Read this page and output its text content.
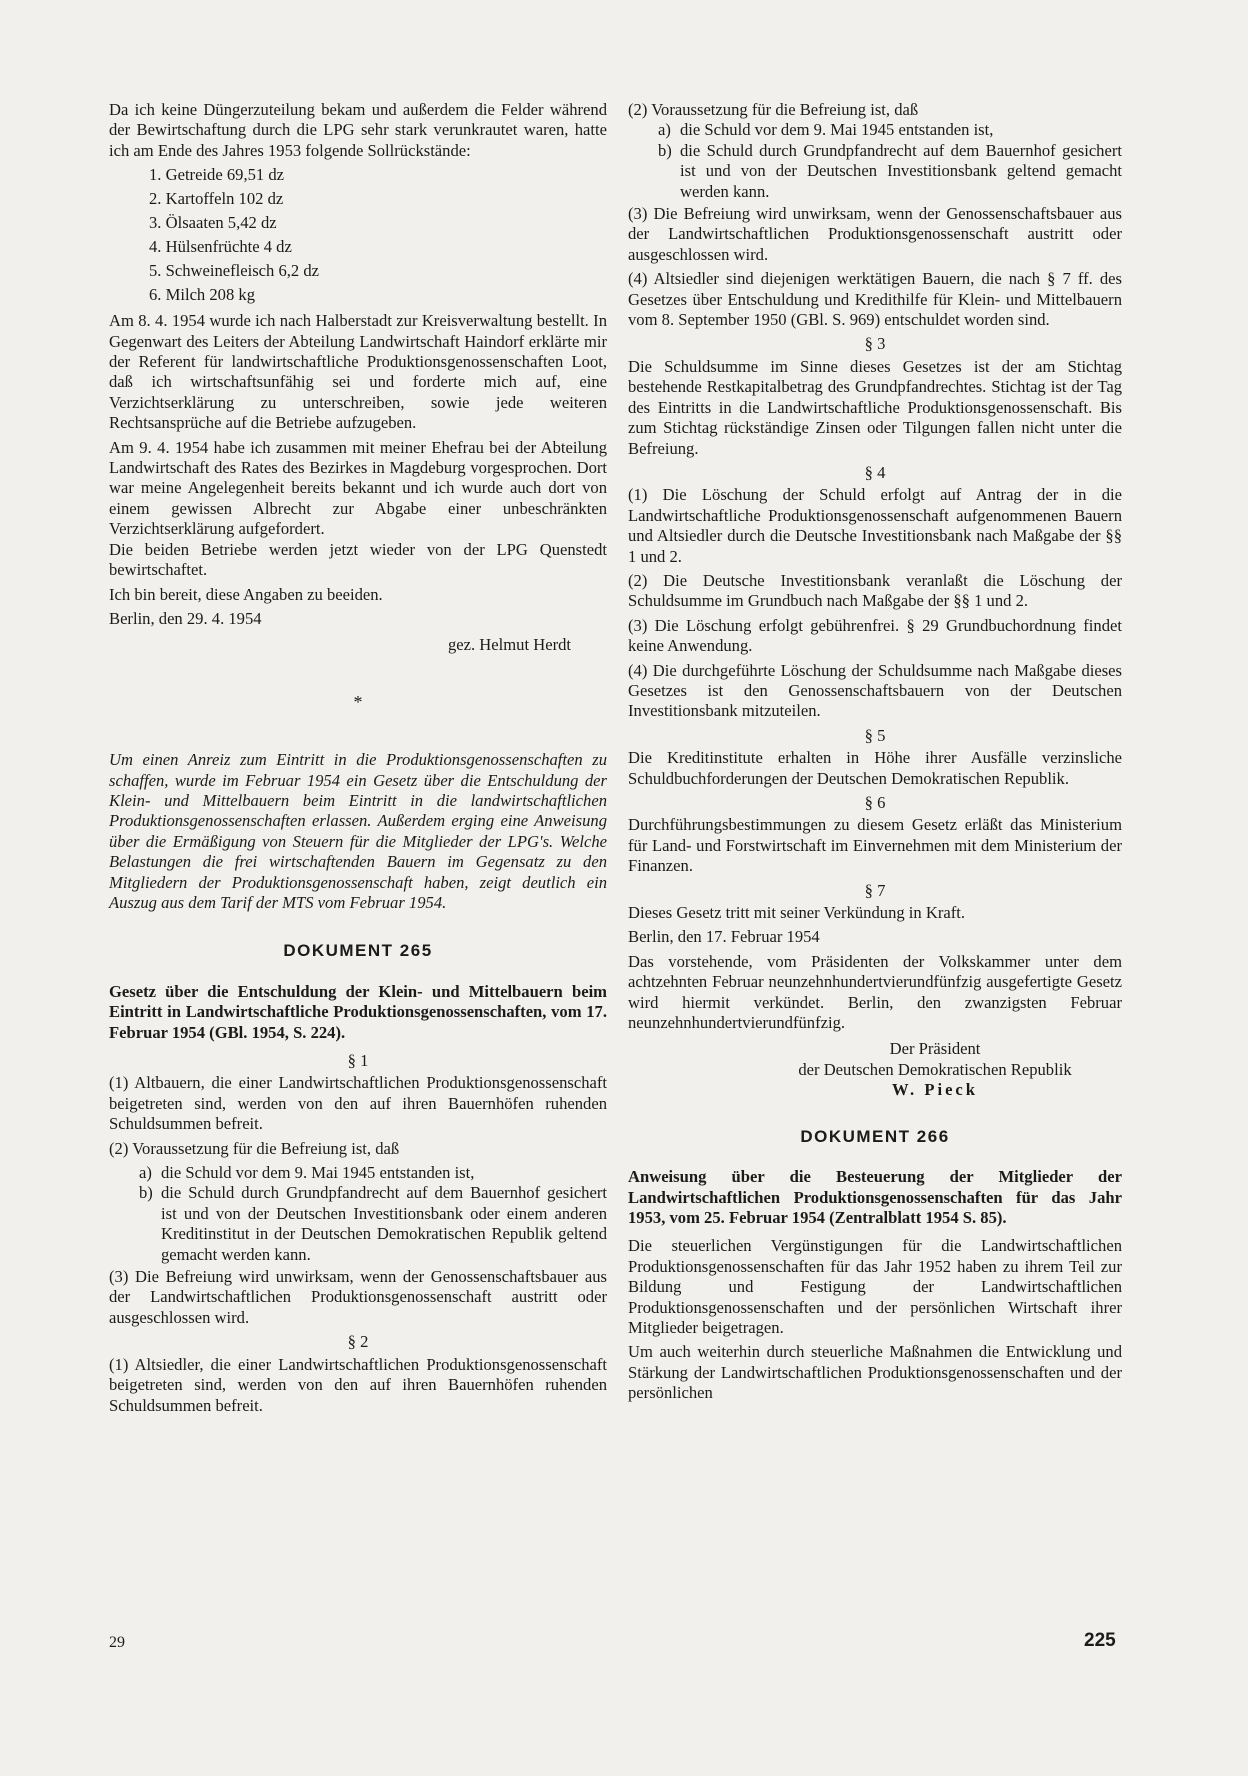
Da ich keine Düngerzuteilung bekam und außerdem die Felder während der Bewirtschaftung durch die LPG sehr stark verunkrautet waren, hatte ich am Ende des Jahres 1953 folgende Sollrückstände:

1. Getreide 69,51 dz
2. Kartoffeln 102 dz
3. Ölsaaten 5,42 dz
4. Hülsenfrüchte 4 dz
5. Schweinefleisch 6,2 dz
6. Milch 208 kg

Am 8. 4. 1954 wurde ich nach Halberstadt zur Kreisverwaltung bestellt. In Gegenwart des Leiters der Abteilung Landwirtschaft Haindorf erklärte mir der Referent für landwirtschaftliche Produktionsgenossenschaften Loot, daß ich wirtschaftsunfähig sei und forderte mich auf, eine Verzichtserklärung zu unterschreiben, sowie jede weiteren Rechtsansprüche auf die Betriebe aufzugeben.

Am 9. 4. 1954 habe ich zusammen mit meiner Ehefrau bei der Abteilung Landwirtschaft des Rates des Bezirkes in Magdeburg vorgesprochen. Dort war meine Angelegenheit bereits bekannt und ich wurde auch dort von einem gewissen Albrecht zur Abgabe einer unbeschränkten Verzichtserklärung aufgefordert.

Die beiden Betriebe werden jetzt wieder von der LPG Quenstedt bewirtschaftet.

Ich bin bereit, diese Angaben zu beeiden.

Berlin, den 29. 4. 1954

gez. Helmut Herdt
*

Um einen Anreiz zum Eintritt in die Produktionsgenossenschaften zu schaffen, wurde im Februar 1954 ein Gesetz über die Entschuldung der Klein- und Mittelbauern beim Eintritt in die landwirtschaftlichen Produktionsgenossenschaften erlassen. Außerdem erging eine Anweisung über die Ermäßigung von Steuern für die Mitglieder der LPG's. Welche Belastungen die frei wirtschaftenden Bauern im Gegensatz zu den Mitgliedern der Produktionsgenossenschaft haben, zeigt deutlich ein Auszug aus dem Tarif der MTS vom Februar 1954.

DOKUMENT 265

Gesetz über die Entschuldung der Klein- und Mittelbauern beim Eintritt in Landwirtschaftliche Produktionsgenossenschaften, vom 17. Februar 1954 (GBl. 1954, S. 224).

§ 1

(1) Altbauern, die einer Landwirtschaftlichen Produktionsgenossenschaft beigetreten sind, werden von den auf ihren Bauernhöfen ruhenden Schuldsummen befreit.

(2) Voraussetzung für die Befreiung ist, daß

a) die Schuld vor dem 9. Mai 1945 entstanden ist,
b) die Schuld durch Grundpfandrecht auf dem Bauernhof gesichert ist und von der Deutschen Investitionsbank oder einem anderen Kreditinstitut in der Deutschen Demokratischen Republik geltend gemacht werden kann.

(3) Die Befreiung wird unwirksam, wenn der Genossenschaftsbauer aus der Landwirtschaftlichen Produktionsgenossenschaft austritt oder ausgeschlossen wird.

§ 2

(1) Altsiedler, die einer Landwirtschaftlichen Produktionsgenossenschaft beigetreten sind, werden von den auf ihren Bauernhöfen ruhenden Schuldsummen befreit.

(2) Voraussetzung für die Befreiung ist, daß

a) die Schuld vor dem 9. Mai 1945 entstanden ist,
b) die Schuld durch Grundpfandrecht auf dem Bauernhof gesichert ist und von der Deutschen Investitionsbank geltend gemacht werden kann.

(3) Die Befreiung wird unwirksam, wenn der Genossenschaftsbauer aus der Landwirtschaftlichen Produktionsgenossenschaft austritt oder ausgeschlossen wird.

(4) Altsiedler sind diejenigen werktätigen Bauern, die nach § 7 ff. des Gesetzes über Entschuldung und Kredithilfe für Klein- und Mittelbauern vom 8. September 1950 (GBl. S. 969) entschuldet worden sind.

§ 3

Die Schuldsumme im Sinne dieses Gesetzes ist der am Stichtag bestehende Restkapitalbetrag des Grundpfandrechtes. Stichtag ist der Tag des Eintritts in die Landwirtschaftliche Produktionsgenossenschaft. Bis zum Stichtag rückständige Zinsen oder Tilgungen fallen nicht unter die Befreiung.

§ 4

(1) Die Löschung der Schuld erfolgt auf Antrag der in die Landwirtschaftliche Produktionsgenossenschaft aufgenommenen Bauern und Altsiedler durch die Deutsche Investitionsbank nach Maßgabe der §§ 1 und 2.

(2) Die Deutsche Investitionsbank veranlaßt die Löschung der Schuldsumme im Grundbuch nach Maßgabe der §§ 1 und 2.

(3) Die Löschung erfolgt gebührenfrei. § 29 Grundbuchordnung findet keine Anwendung.

(4) Die durchgeführte Löschung der Schuldsumme nach Maßgabe dieses Gesetzes ist den Genossenschaftsbauern von der Deutschen Investitionsbank mitzuteilen.

§ 5

Die Kreditinstitute erhalten in Höhe ihrer Ausfälle verzinsliche Schuldbuchforderungen der Deutschen Demokratischen Republik.

§ 6

Durchführungsbestimmungen zu diesem Gesetz erläßt das Ministerium für Land- und Forstwirtschaft im Einvernehmen mit dem Ministerium der Finanzen.

§ 7

Dieses Gesetz tritt mit seiner Verkündung in Kraft.

Berlin, den 17. Februar 1954

Das vorstehende, vom Präsidenten der Volkskammer unter dem achtzehnten Februar neunzehnhundertvierundfünfzig ausgefertigte Gesetz wird hiermit verkündet. Berlin, den zwanzigsten Februar neunzehnhundertvierundfünfzig.

Der Präsident

der Deutschen Demokratischen Republik

W. Pieck

DOKUMENT 266

Anweisung über die Besteuerung der Mitglieder der Landwirtschaftlichen Produktionsgenossenschaften für das Jahr 1953, vom 25. Februar 1954 (Zentralblatt 1954 S. 85).

Die steuerlichen Vergünstigungen für die Landwirtschaftlichen Produktionsgenossenschaften für das Jahr 1952 haben zu ihrem Teil zur Bildung und Festigung der Landwirtschaftlichen Produktionsgenossenschaften und der persönlichen Wirtschaft ihrer Mitglieder beigetragen.

Um auch weiterhin durch steuerliche Maßnahmen die Entwicklung und Stärkung der Landwirtschaftlichen Produktionsgenossenschaften und der persönlichen

29	225
